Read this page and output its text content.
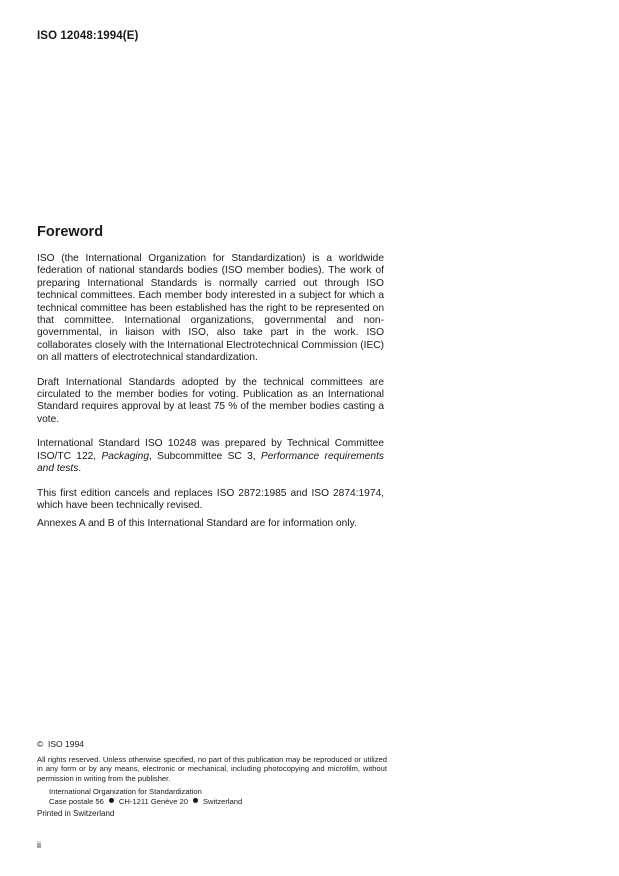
ISO 12048:1994(E)
Foreword

ISO (the International Organization for Standardization) is a worldwide federation of national standards bodies (ISO member bodies). The work of preparing International Standards is normally carried out through ISO technical committees. Each member body interested in a subject for which a technical committee has been established has the right to be represented on that committee. International organizations, governmental and non-governmental, in liaison with ISO, also take part in the work. ISO collaborates closely with the International Electrotechnical Commission (IEC) on all matters of electrotechnical standardization.

Draft International Standards adopted by the technical committees are circulated to the member bodies for voting. Publication as an International Standard requires approval by at least 75 % of the member bodies casting a vote.

International Standard ISO 10248 was prepared by Technical Committee ISO/TC 122, Packaging, Subcommittee SC 3, Performance requirements and tests.

This first edition cancels and replaces ISO 2872:1985 and ISO 2874:1974, which have been technically revised.

Annexes A and B of this International Standard are for information only.

© ISO 1994
All rights reserved. Unless otherwise specified, no part of this publication may be reproduced or utilized in any form or by any means, electronic or mechanical, including photocopying and microfilm, without permission in writing from the publisher.
International Organization for Standardization
Case postale 56 CH-1211 Genève 20 Switzerland
Printed in Switzerland
ii
